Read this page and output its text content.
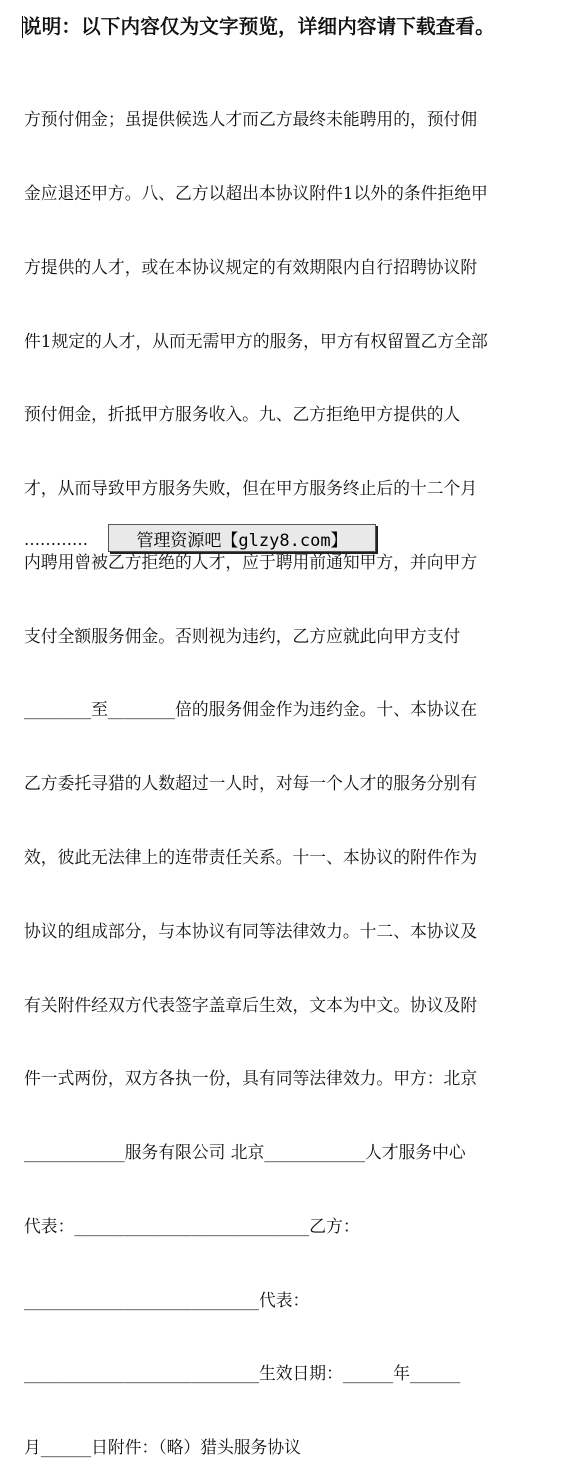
说明：以下内容仅为文字预览，详细内容请下载查看。

方预付佣金；虽提供候选人才而乙方最终未能聘用的，预付佣

金应退还甲方。八、乙方以超出本协议附件1以外的条件拒绝甲

方提供的人才，或在本协议规定的有效期限内自行招聘协议附

件1规定的人才，从而无需甲方的服务，甲方有权留置乙方全部

预付佣金，折抵甲方服务收入。九、乙方拒绝甲方提供的人

才，从而导致甲方服务失败，但在甲方服务终止后的十二个月

内聘用曾被乙方拒绝的人才，应于聘用前通知甲方，并向甲方

支付全额服务佣金。否则视为违约，乙方应就此向甲方支付

________至________倍的服务佣金作为违约金。十、本协议在

乙方委托寻猎的人数超过一人时，对每一个人才的服务分别有

效，彼此无法律上的连带责任关系。十一、本协议的附件作为

协议的组成部分，与本协议有同等法律效力。十二、本协议及

有关附件经双方代表签字盖章后生效，文本为中文。协议及附

件一式两份，双方各执一份，具有同等法律效力。甲方：北京

____________服务有限公司 北京____________人才服务中心

代表：____________________________乙方：

____________________________代表：

____________________________生效日期：______年______

月______日附件：（略）猎头服务协议

…………	管理资源吧【glzy8.com】
